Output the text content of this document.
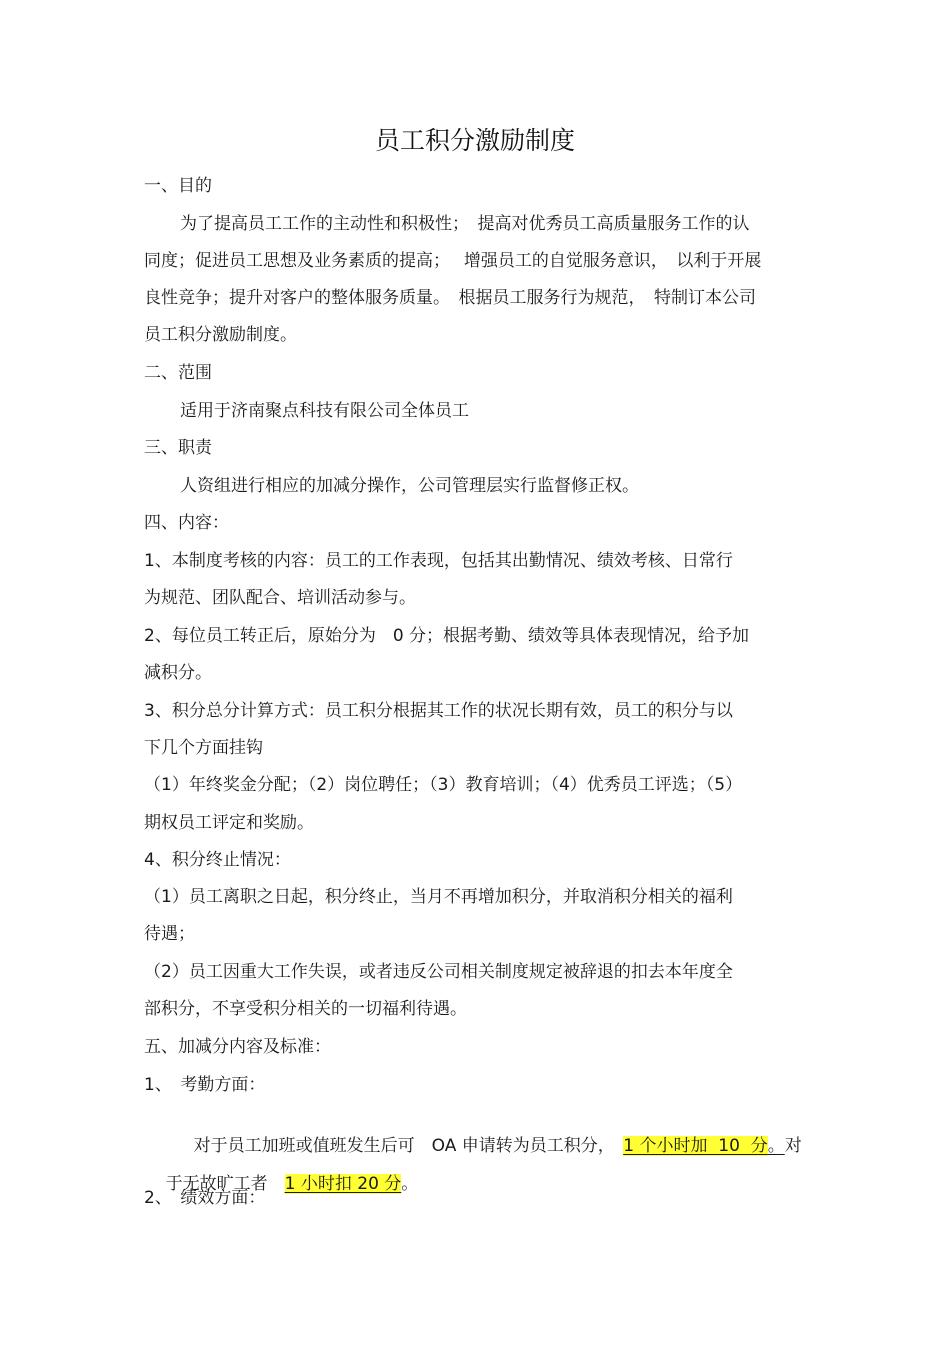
员工积分激励制度
一、目的
为了提高员工工作的主动性和积极性；　提高对优秀员工高质量服务工作的认
同度；促进员工思想及业务素质的提高；　 增强员工的自觉服务意识，　以利于开展
良性竞争；提升对客户的整体服务质量。　根据员工服务行为规范，　特制订本公司
员工积分激励制度。
二、范围
适用于济南聚点科技有限公司全体员工
三、职责
人资组进行相应的加减分操作，公司管理层实行监督修正权。
四、内容：
1、本制度考核的内容：员工的工作表现，包括其出勤情况、绩效考核、日常行
为规范、团队配合、培训活动参与。
2、每位员工转正后，原始分为　0 分；根据考勤、绩效等具体表现情况，给予加
减积分。
3、积分总分计算方式：员工积分根据其工作的状况长期有效，员工的积分与以
下几个方面挂钩
（1）年终奖金分配；（2）岗位聘任；（3）教育培训；（4）优秀员工评选；（5）
期权员工评定和奖励。
4、积分终止情况：
（1）员工离职之日起，积分终止，当月不再增加积分，并取消积分相关的福利
待遇；
（2）员工因重大工作失误，或者违反公司相关制度规定被辞退的扣去本年度全
部积分，不享受积分相关的一切福利待遇。
五、加减分内容及标准：
1、　考勤方面：

对于员工加班或值班发生后可　OA 申请转为员工积分，　1 个小时加  10  分。对

于无故旷工者　1 小时扣 20 分。

2、　绩效方面：
